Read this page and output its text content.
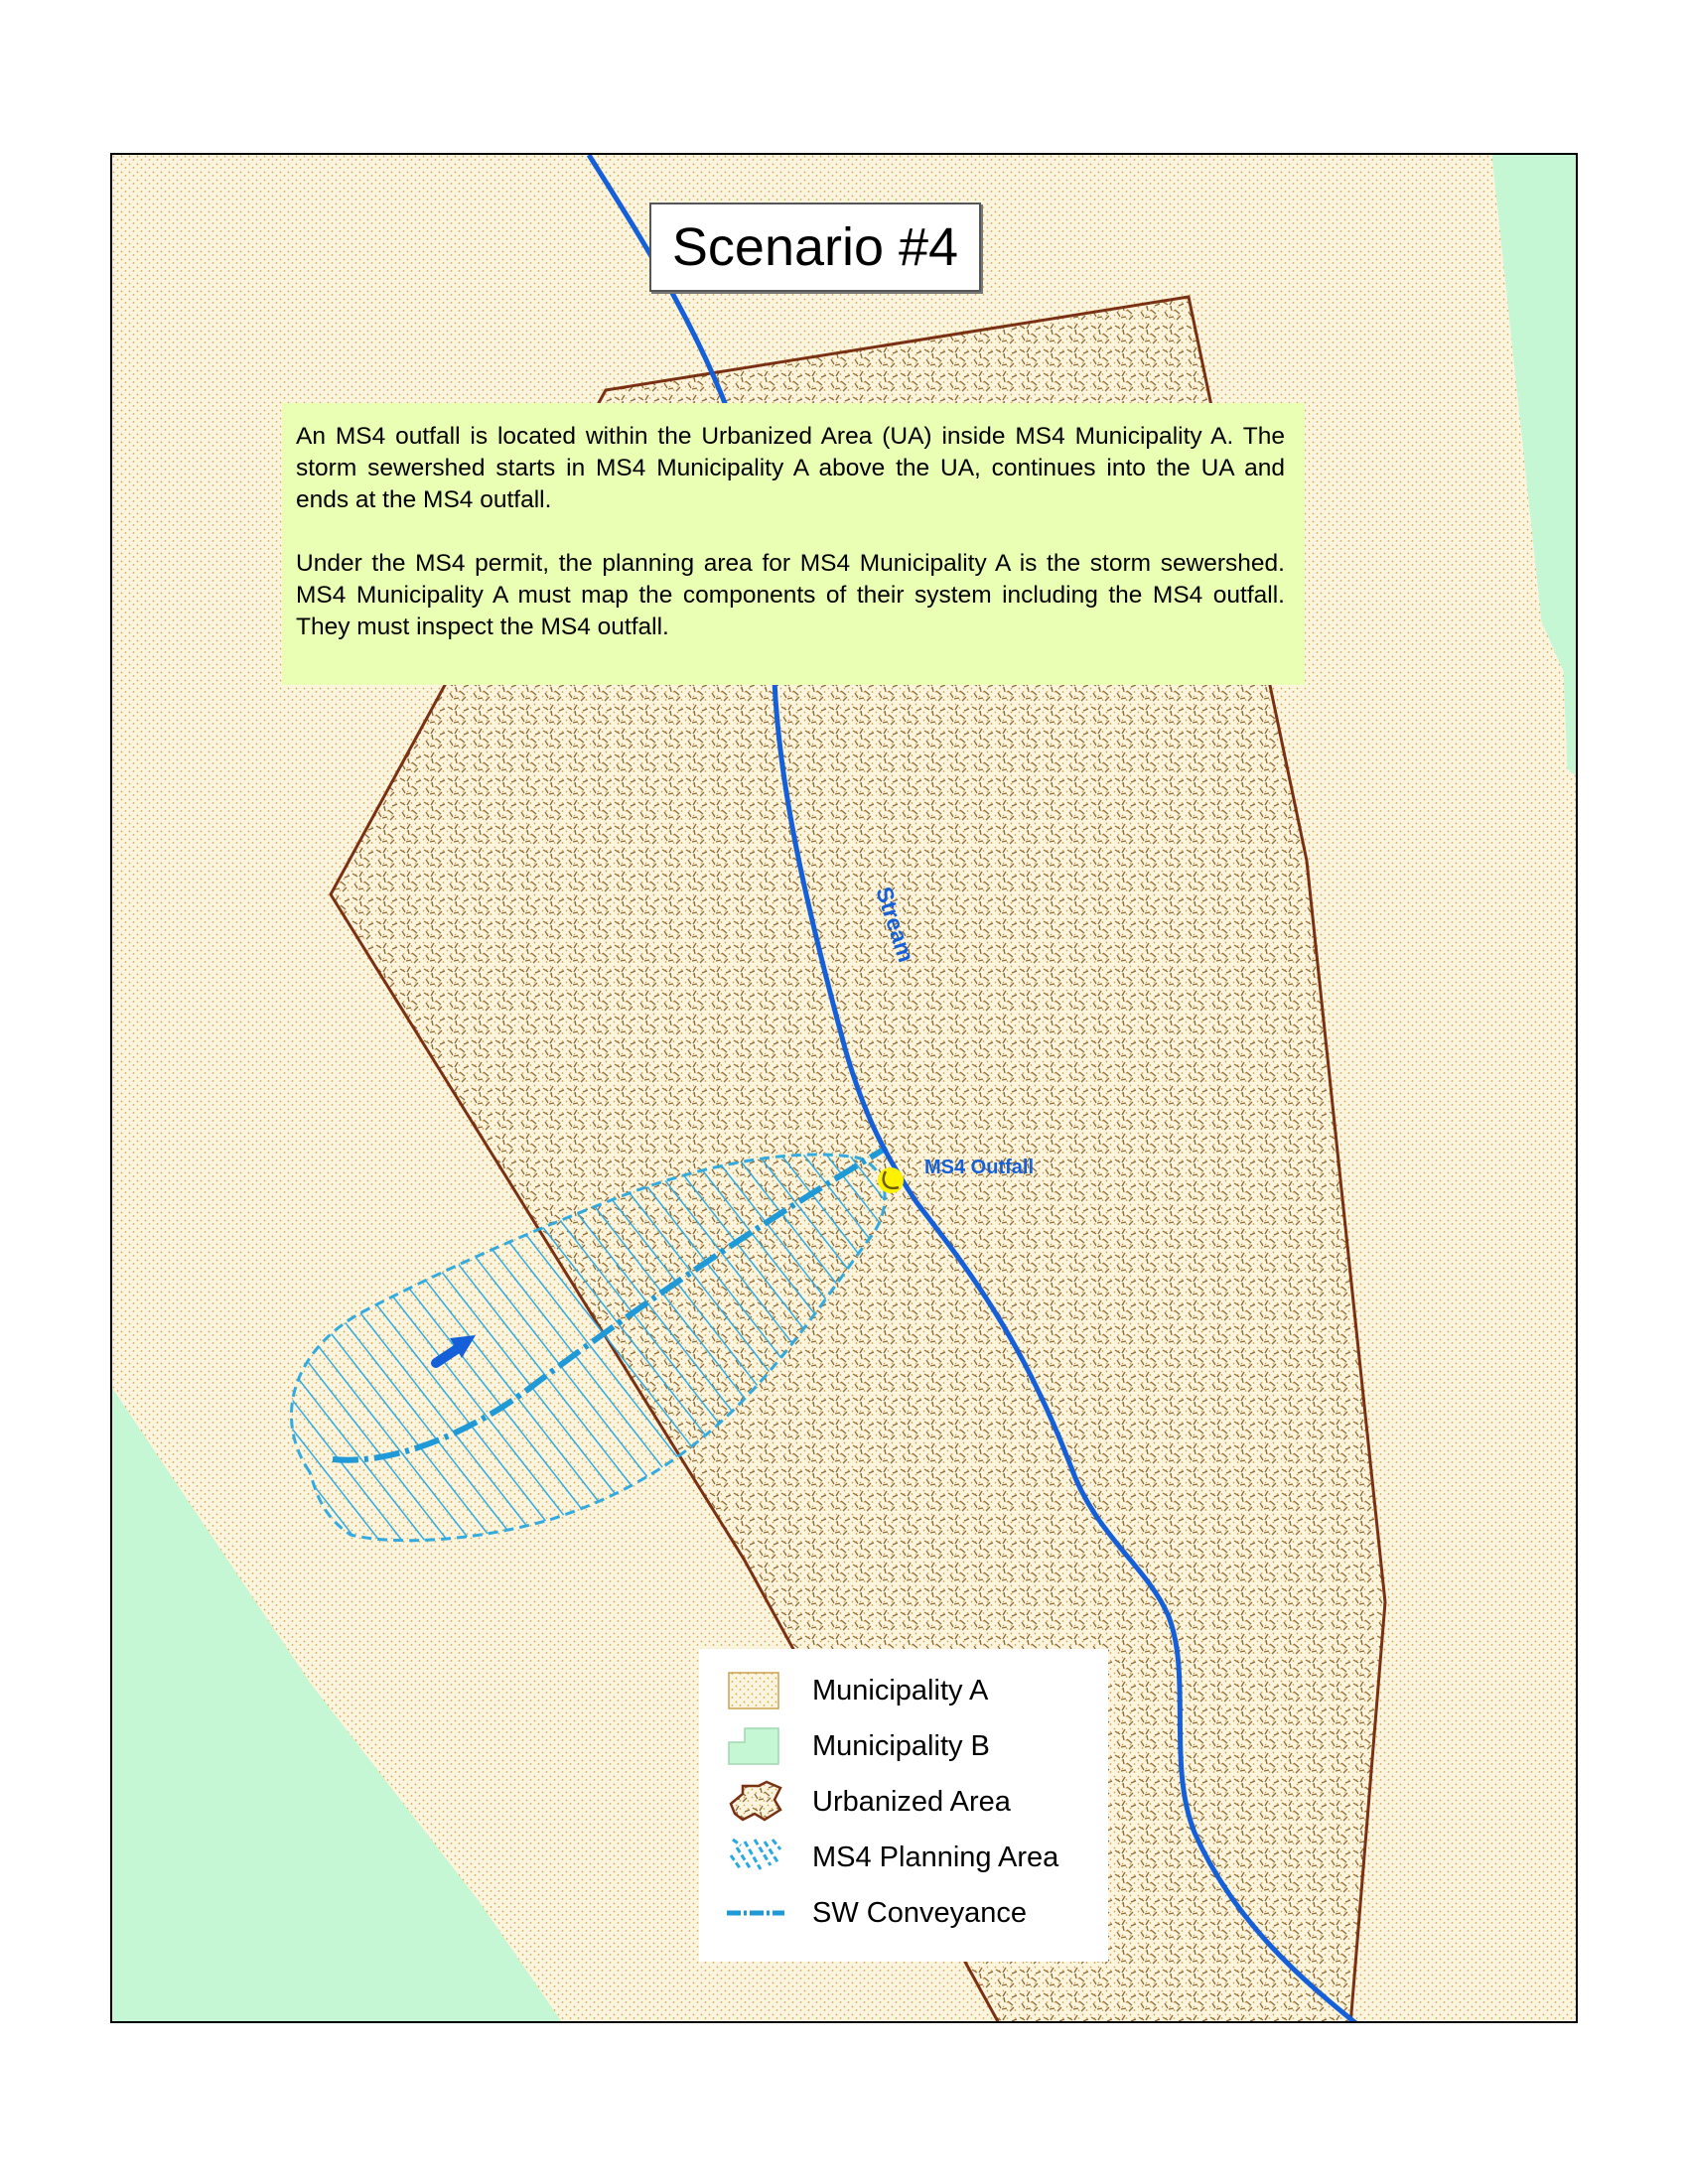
Scenario #4

An MS4 outfall is located within the Urbanized Area (UA) inside MS4 Municipality A. The storm sewershed starts in MS4 Municipality A above the UA, continues into the UA and ends at the MS4 outfall.

Under the MS4 permit, the planning area for MS4 Municipality A is the storm sewershed. MS4 Municipality A must map the components of their system including the MS4 outfall. They must inspect the MS4 outfall.

Stream
MS4 Outfall
Municipality A
Municipality B
Urbanized Area
MS4 Planning Area
SW Conveyance
